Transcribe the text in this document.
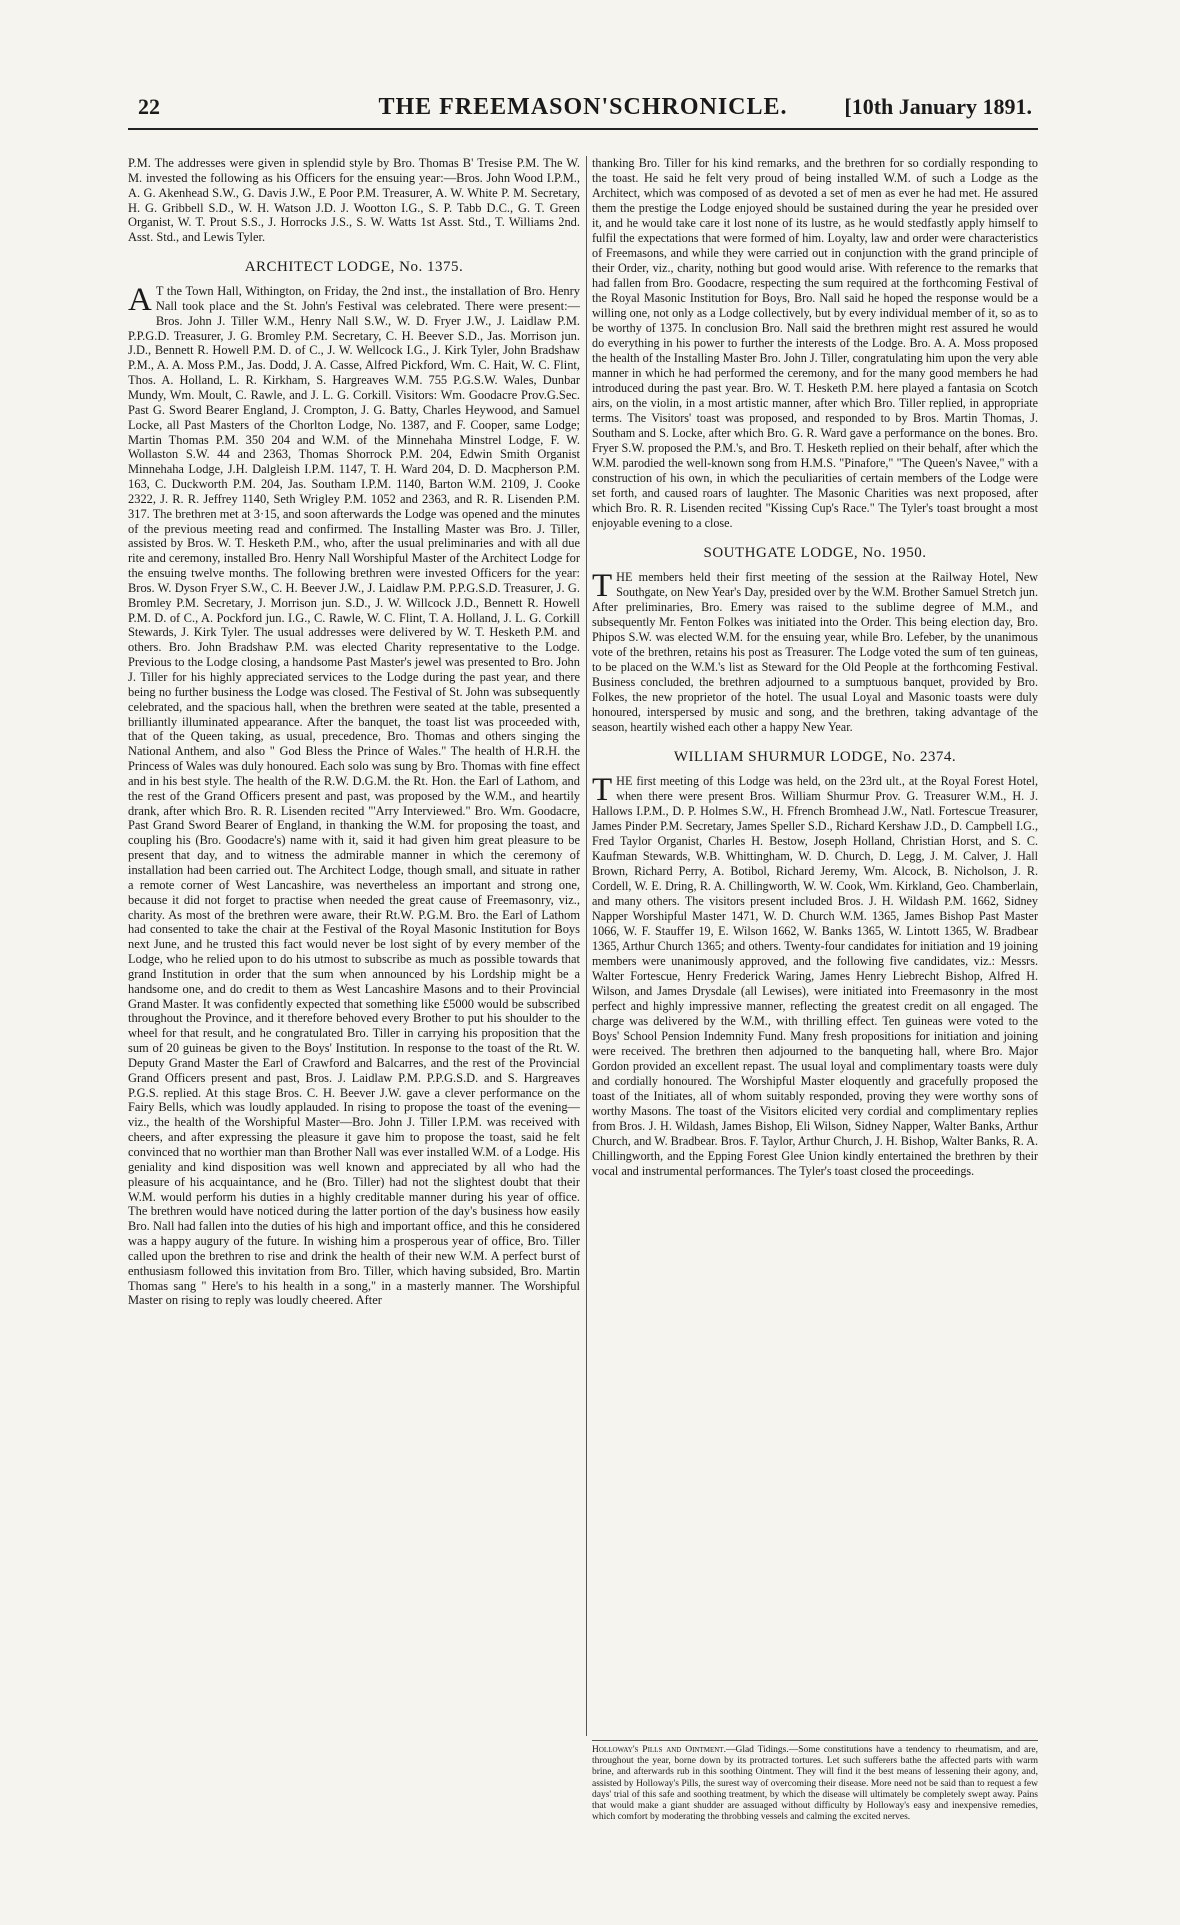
22	THE FREEMASON'SCHRONICLE.	[10th January 1891.

P.M. The addresses were given in splendid style by Bro. Thomas B' Tresise P.M. The W. M. invested the following as his Officers for the ensuing year:—Bros. John Wood I.P.M., A. G. Akenhead S.W., G. Davis J.W., E Poor P.M. Treasurer, A. W. White P. M. Secretary, H. G. Gribbell S.D., W. H. Watson J.D. J. Wootton I.G., S. P. Tabb D.C., G. T. Green Organist, W. T. Prout S.S., J. Horrocks J.S., S. W. Watts 1st Asst. Std., T. Williams 2nd. Asst. Std., and Lewis Tyler.

ARCHITECT LODGE, No. 1375.

A T the Town Hall, Withington, on Friday, the 2nd inst., the installation of Bro. Henry Nall took place and the St. John's Festival was celebrated. There were present:—Bros. John J. Tiller W.M., Henry Nall S.W., W. D. Fryer J.W., J. Laidlaw P.M. P.P.G.D. Treasurer, J. G. Bromley P.M. Secretary, C. H. Beever S.D., Jas. Morrison jun. J.D., Bennett R. Howell P.M. D. of C., J. W. Wellcock I.G., J. Kirk Tyler, John Bradshaw P.M., A. A. Moss P.M., Jas. Dodd, J. A. Casse, Alfred Pickford, Wm. C. Hait, W. C. Flint, Thos. A. Holland, L. R. Kirkham, S. Hargreaves W.M. 755 P.G.S.W. Wales, Dunbar Mundy, Wm. Moult, C. Rawle, and J. L. G. Corkill. Visitors: Wm. Goodacre Prov.G.Sec. Past G. Sword Bearer England, J. Crompton, J. G. Batty, Charles Heywood, and Samuel Locke, all Past Masters of the Chorlton Lodge, No. 1387, and F. Cooper, same Lodge; Martin Thomas P.M. 350 204 and W.M. of the Minnehaha Minstrel Lodge, F. W. Wollaston S.W. 44 and 2363, Thomas Shorrock P.M. 204, Edwin Smith Organist Minnehaha Lodge, J.H. Dalgleish I.P.M. 1147, T. H. Ward 204, D. D. Macpherson P.M. 163, C. Duckworth P.M. 204, Jas. Southam I.P.M. 1140, Barton W.M. 2109, J. Cooke 2322, J. R. R. Jeffrey 1140, Seth Wrigley P.M. 1052 and 2363, and R. R. Lisenden P.M. 317. The brethren met at 3·15, and soon afterwards the Lodge was opened and the minutes of the previous meeting read and confirmed. The Installing Master was Bro. J. Tiller, assisted by Bros. W. T. Hesketh P.M., who, after the usual preliminaries and with all due rite and ceremony, installed Bro. Henry Nall Worshipful Master of the Architect Lodge for the ensuing twelve months. The following brethren were invested Officers for the year: Bros. W. Dyson Fryer S.W., C. H. Beever J.W., J. Laidlaw P.M. P.P.G.S.D. Treasurer, J. G. Bromley P.M. Secretary, J. Morrison jun. S.D., J. W. Willcock J.D., Bennett R. Howell P.M. D. of C., A. Pockford jun. I.G., C. Rawle, W. C. Flint, T. A. Holland, J. L. G. Corkill Stewards, J. Kirk Tyler. The usual addresses were delivered by W. T. Hesketh P.M. and others. Bro. John Bradshaw P.M. was elected Charity representative to the Lodge. Previous to the Lodge closing, a handsome Past Master's jewel was presented to Bro. John J. Tiller for his highly appreciated services to the Lodge during the past year, and there being no further business the Lodge was closed. The Festival of St. John was subsequently celebrated, and the spacious hall, when the brethren were seated at the table, presented a brilliantly illuminated appearance. After the banquet, the toast list was proceeded with, that of the Queen taking, as usual, precedence, Bro. Thomas and others singing the National Anthem, and also " God Bless the Prince of Wales." The health of H.R.H. the Princess of Wales was duly honoured. Each solo was sung by Bro. Thomas with fine effect and in his best style. The health of the R.W. D.G.M. the Rt. Hon. the Earl of Lathom, and the rest of the Grand Officers present and past, was proposed by the W.M., and heartily drank, after which Bro. R. R. Lisenden recited "'Arry Interviewed." Bro. Wm. Goodacre, Past Grand Sword Bearer of England, in thanking the W.M. for proposing the toast, and coupling his (Bro. Goodacre's) name with it, said it had given him great pleasure to be present that day, and to witness the admirable manner in which the ceremony of installation had been carried out. The Architect Lodge, though small, and situate in rather a remote corner of West Lancashire, was nevertheless an important and strong one, because it did not forget to practise when needed the great cause of Freemasonry, viz., charity. As most of the brethren were aware, their Rt.W. P.G.M. Bro. the Earl of Lathom had consented to take the chair at the Festival of the Royal Masonic Institution for Boys next June, and he trusted this fact would never be lost sight of by every member of the Lodge, who he relied upon to do his utmost to subscribe as much as possible towards that grand Institution in order that the sum when announced by his Lordship might be a handsome one, and do credit to them as West Lancashire Masons and to their Provincial Grand Master. It was confidently expected that something like £5000 would be subscribed throughout the Province, and it therefore behoved every Brother to put his shoulder to the wheel for that result, and he congratulated Bro. Tiller in carrying his proposition that the sum of 20 guineas be given to the Boys' Institution. In response to the toast of the Rt. W. Deputy Grand Master the Earl of Crawford and Balcarres, and the rest of the Provincial Grand Officers present and past, Bros. J. Laidlaw P.M. P.P.G.S.D. and S. Hargreaves P.G.S. replied. At this stage Bros. C. H. Beever J.W. gave a clever performance on the Fairy Bells, which was loudly applauded. In rising to propose the toast of the evening—viz., the health of the Worshipful Master—Bro. John J. Tiller I.P.M. was received with cheers, and after expressing the pleasure it gave him to propose the toast, said he felt convinced that no worthier man than Brother Nall was ever installed W.M. of a Lodge. His geniality and kind disposition was well known and appreciated by all who had the pleasure of his acquaintance, and he (Bro. Tiller) had not the slightest doubt that their W.M. would perform his duties in a highly creditable manner during his year of office. The brethren would have noticed during the latter portion of the day's business how easily Bro. Nall had fallen into the duties of his high and important office, and this he considered was a happy augury of the future. In wishing him a prosperous year of office, Bro. Tiller called upon the brethren to rise and drink the health of their new W.M. A perfect burst of enthusiasm followed this invitation from Bro. Tiller, which having subsided, Bro. Martin Thomas sang " Here's to his health in a song," in a masterly manner. The Worshipful Master on rising to reply was loudly cheered. After

thanking Bro. Tiller for his kind remarks, and the brethren for so cordially responding to the toast. He said he felt very proud of being installed W.M. of such a Lodge as the Architect, which was composed of as devoted a set of men as ever he had met. He assured them the prestige the Lodge enjoyed should be sustained during the year he presided over it, and he would take care it lost none of its lustre, as he would stedfastly apply himself to fulfil the expectations that were formed of him. Loyalty, law and order were characteristics of Freemasons, and while they were carried out in conjunction with the grand principle of their Order, viz., charity, nothing but good would arise. With reference to the remarks that had fallen from Bro. Goodacre, respecting the sum required at the forthcoming Festival of the Royal Masonic Institution for Boys, Bro. Nall said he hoped the response would be a willing one, not only as a Lodge collectively, but by every individual member of it, so as to be worthy of 1375. In conclusion Bro. Nall said the brethren might rest assured he would do everything in his power to further the interests of the Lodge. Bro. A. A. Moss proposed the health of the Installing Master Bro. John J. Tiller, congratulating him upon the very able manner in which he had performed the ceremony, and for the many good members he had introduced during the past year. Bro. W. T. Hesketh P.M. here played a fantasia on Scotch airs, on the violin, in a most artistic manner, after which Bro. Tiller replied, in appropriate terms. The Visitors' toast was proposed, and responded to by Bros. Martin Thomas, J. Southam and S. Locke, after which Bro. G. R. Ward gave a performance on the bones. Bro. Fryer S.W. proposed the P.M.'s, and Bro. T. Hesketh replied on their behalf, after which the W.M. parodied the well-known song from H.M.S. "Pinafore," "The Queen's Navee," with a construction of his own, in which the peculiarities of certain members of the Lodge were set forth, and caused roars of laughter. The Masonic Charities was next proposed, after which Bro. R. R. Lisenden recited "Kissing Cup's Race." The Tyler's toast brought a most enjoyable evening to a close.

SOUTHGATE LODGE, No. 1950.

THE members held their first meeting of the session at the Railway Hotel, New Southgate, on New Year's Day, presided over by the W.M. Brother Samuel Stretch jun. After preliminaries, Bro. Emery was raised to the sublime degree of M.M., and subsequently Mr. Fenton Folkes was initiated into the Order. This being election day, Bro. Phipos S.W. was elected W.M. for the ensuing year, while Bro. Lefeber, by the unanimous vote of the brethren, retains his post as Treasurer. The Lodge voted the sum of ten guineas, to be placed on the W.M.'s list as Steward for the Old People at the forthcoming Festival. Business concluded, the brethren adjourned to a sumptuous banquet, provided by Bro. Folkes, the new proprietor of the hotel. The usual Loyal and Masonic toasts were duly honoured, interspersed by music and song, and the brethren, taking advantage of the season, heartily wished each other a happy New Year.

WILLIAM SHURMUR LODGE, No. 2374.

THE first meeting of this Lodge was held, on the 23rd ult., at the Royal Forest Hotel, when there were present Bros. William Shurmur Prov. G. Treasurer W.M., H. J. Hallows I.P.M., D. P. Holmes S.W., H. Ffrench Bromhead J.W., Natl. Fortescue Treasurer, James Pinder P.M. Secretary, James Speller S.D., Richard Kershaw J.D., D. Campbell I.G., Fred Taylor Organist, Charles H. Bestow, Joseph Holland, Christian Horst, and S. C. Kaufman Stewards, W.B. Whittingham, W. D. Church, D. Legg, J. M. Calver, J. Hall Brown, Richard Perry, A. Botibol, Richard Jeremy, Wm. Alcock, B. Nicholson, J. R. Cordell, W. E. Dring, R. A. Chillingworth, W. W. Cook, Wm. Kirkland, Geo. Chamberlain, and many others. The visitors present included Bros. J. H. Wildash P.M. 1662, Sidney Napper Worshipful Master 1471, W. D. Church W.M. 1365, James Bishop Past Master 1066, W. F. Stauffer 19, E. Wilson 1662, W. Banks 1365, W. Lintott 1365, W. Bradbear 1365, Arthur Church 1365; and others. Twenty-four candidates for initiation and 19 joining members were unanimously approved, and the following five candidates, viz.: Messrs. Walter Fortescue, Henry Frederick Waring, James Henry Liebrecht Bishop, Alfred H. Wilson, and James Drysdale (all Lewises), were initiated into Freemasonry in the most perfect and highly impressive manner, reflecting the greatest credit on all engaged. The charge was delivered by the W.M., with thrilling effect. Ten guineas were voted to the Boys' School Pension Indemnity Fund. Many fresh propositions for initiation and joining were received. The brethren then adjourned to the banqueting hall, where Bro. Major Gordon provided an excellent repast. The usual loyal and complimentary toasts were duly and cordially honoured. The Worshipful Master eloquently and gracefully proposed the toast of the Initiates, all of whom suitably responded, proving they were worthy sons of worthy Masons. The toast of the Visitors elicited very cordial and complimentary replies from Bros. J. H. Wildash, James Bishop, Eli Wilson, Sidney Napper, Walter Banks, Arthur Church, and W. Bradbear. Bros. F. Taylor, Arthur Church, J. H. Bishop, Walter Banks, R. A. Chillingworth, and the Epping Forest Glee Union kindly entertained the brethren by their vocal and instrumental performances. The Tyler's toast closed the proceedings.

Holloway's Pills and Ointment.—Glad Tidings.—Some constitutions have a tendency to rheumatism, and are, throughout the year, borne down by its protracted tortures. Let such sufferers bathe the affected parts with warm brine, and afterwards rub in this soothing Ointment. They will find it the best means of lessening their agony, and, assisted by Holloway's Pills, the surest way of overcoming their disease. More need not be said than to request a few days' trial of this safe and soothing treatment, by which the disease will ultimately be completely swept away. Pains that would make a giant shudder are assuaged without difficulty by Holloway's easy and inexpensive remedies, which comfort by moderating the throbbing vessels and calming the excited nerves.
